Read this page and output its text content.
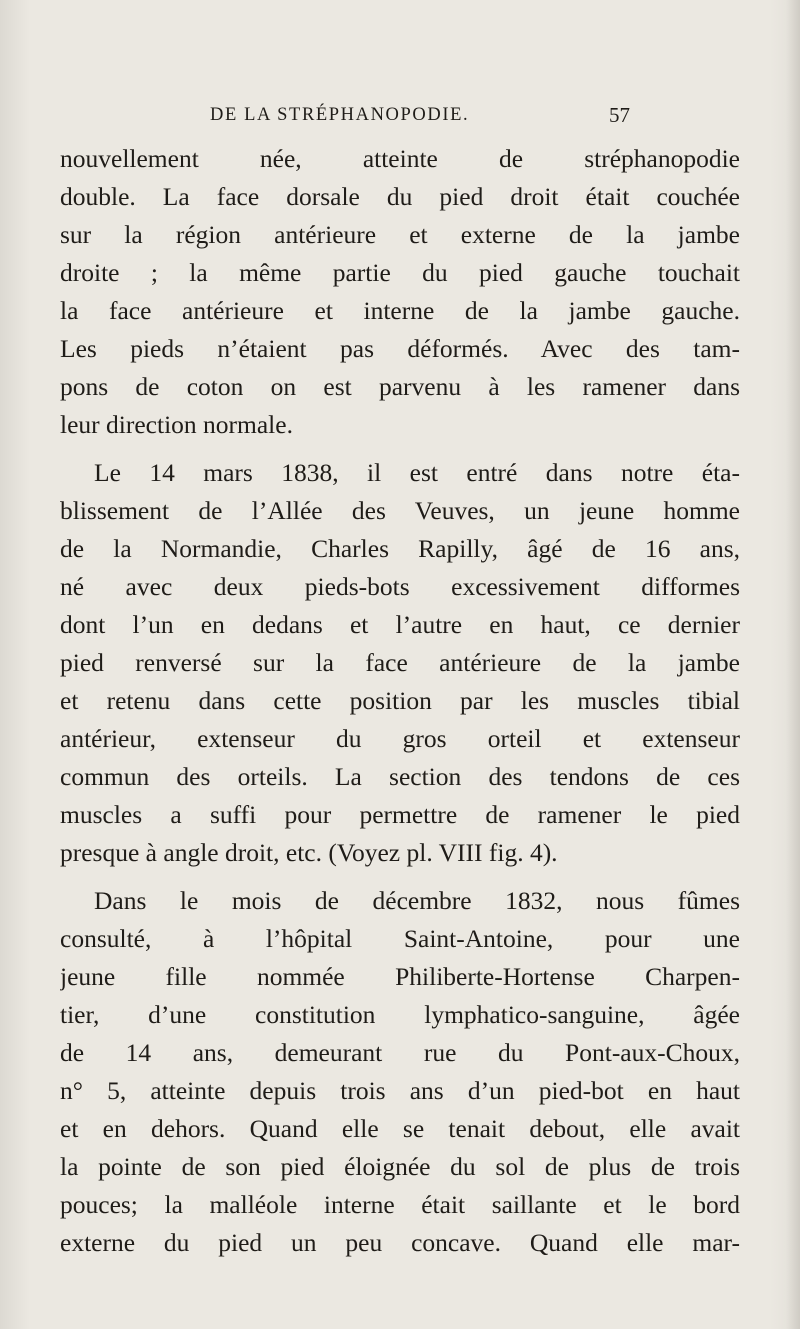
DE LA STRÉPHANOPODIE.	57
nouvellement née, atteinte de stréphanopodie
double. La face dorsale du pied droit était couchée
sur la région antérieure et externe de la jambe
droite ; la même partie du pied gauche touchait
la face antérieure et interne de la jambe gauche.
Les pieds n’étaient pas déformés. Avec des tam-
pons de coton on est parvenu à les ramener dans
leur direction normale.
Le 14 mars 1838, il est entré dans notre éta-
blissement de l’Allée des Veuves, un jeune homme
de la Normandie, Charles Rapilly, âgé de 16 ans,
né avec deux pieds-bots excessivement difformes
dont l’un en dedans et l’autre en haut, ce dernier
pied renversé sur la face antérieure de la jambe
et retenu dans cette position par les muscles tibial
antérieur, extenseur du gros orteil et extenseur
commun des orteils. La section des tendons de ces
muscles a suffi pour permettre de ramener le pied
presque à angle droit, etc. (Voyez pl. VIII fig. 4).
Dans le mois de décembre 1832, nous fûmes
consulté, à l’hôpital Saint-Antoine, pour une
jeune fille nommée Philiberte-Hortense Charpen-
tier, d’une constitution lymphatico-sanguine, âgée
de 14 ans, demeurant rue du Pont-aux-Choux,
n° 5, atteinte depuis trois ans d’un pied-bot en haut
et en dehors. Quand elle se tenait debout, elle avait
la pointe de son pied éloignée du sol de plus de trois
pouces; la malléole interne était saillante et le bord
externe du pied un peu concave. Quand elle mar-
